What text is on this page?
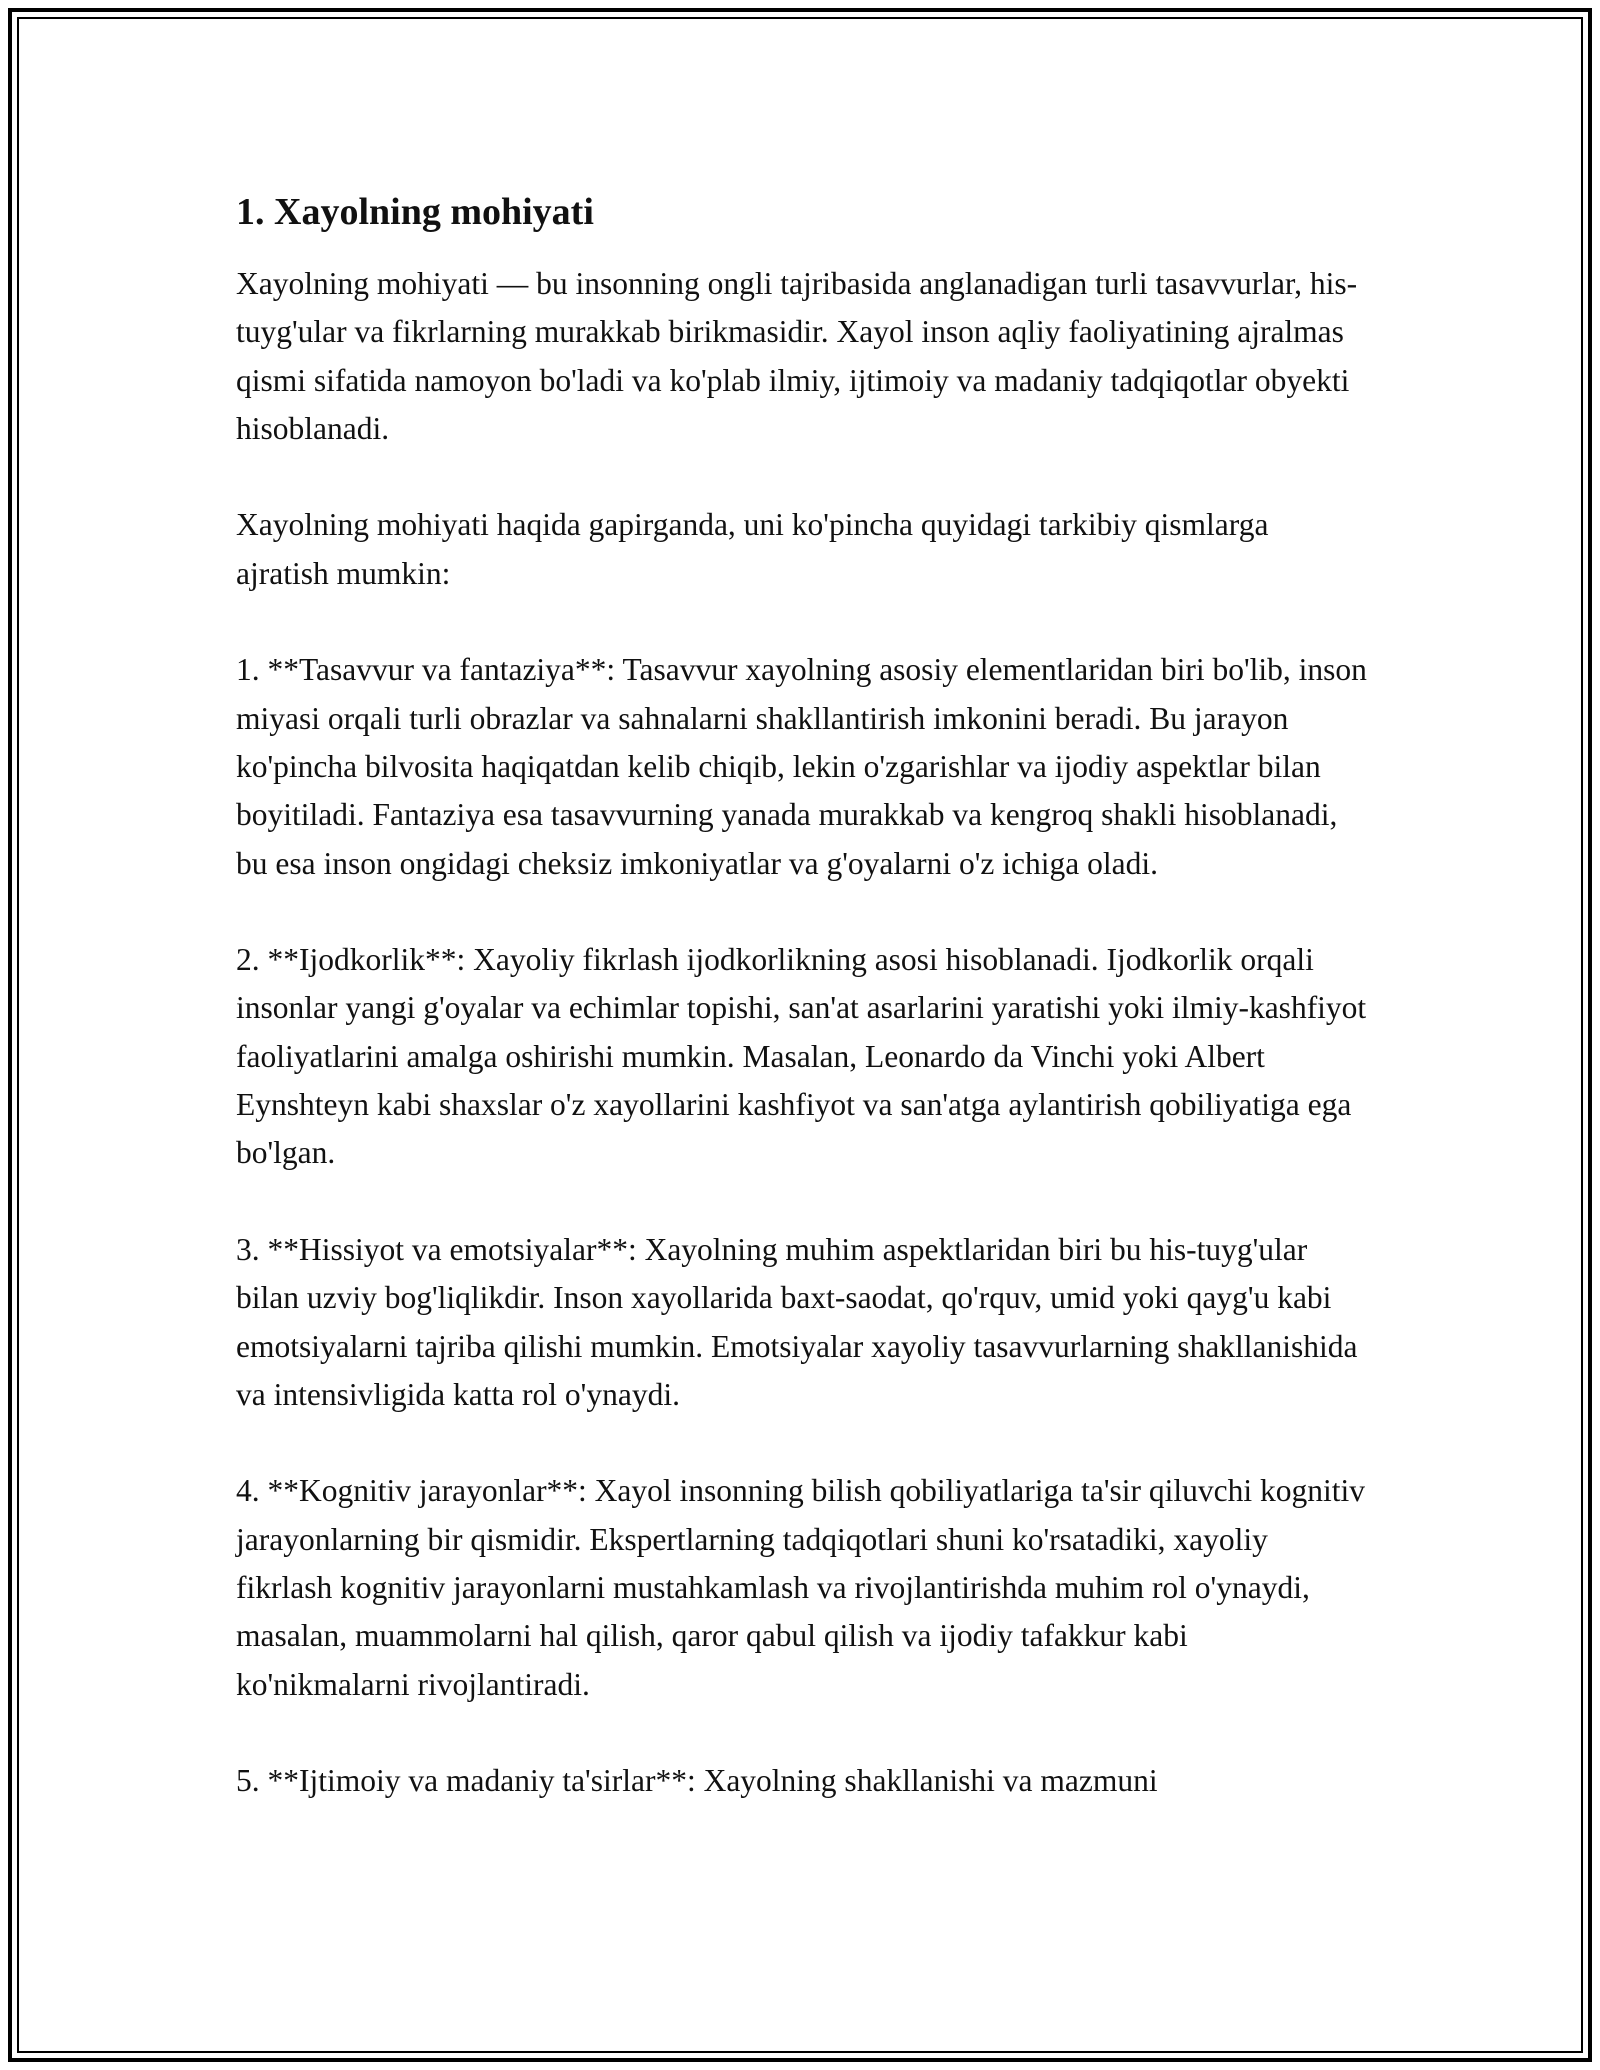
1. Xayolning mohiyati

Xayolning mohiyati — bu insonning ongli tajribasida anglanadigan turli tasavvurlar, his-tuyg'ular va fikrlarning murakkab birikmasidir. Xayol inson aqliy faoliyatining ajralmas qismi sifatida namoyon bo'ladi va ko'plab ilmiy, ijtimoiy va madaniy tadqiqotlar obyekti hisoblanadi.

Xayolning mohiyati haqida gapirganda, uni ko'pincha quyidagi tarkibiy qismlarga ajratish mumkin:

1. **Tasavvur va fantaziya**: Tasavvur xayolning asosiy elementlaridan biri bo'lib, inson miyasi orqali turli obrazlar va sahnalarni shakllantirish imkonini beradi. Bu jarayon ko'pincha bilvosita haqiqatdan kelib chiqib, lekin o'zgarishlar va ijodiy aspektlar bilan boyitiladi. Fantaziya esa tasavvurning yanada murakkab va kengroq shakli hisoblanadi, bu esa inson ongidagi cheksiz imkoniyatlar va g'oyalarni o'z ichiga oladi.

2. **Ijodkorlik**: Xayoliy fikrlash ijodkorlikning asosi hisoblanadi. Ijodkorlik orqali insonlar yangi g'oyalar va echimlar topishi, san'at asarlarini yaratishi yoki ilmiy-kashfiyot faoliyatlarini amalga oshirishi mumkin. Masalan, Leonardo da Vinchi yoki Albert Eynshteyn kabi shaxslar o'z xayollarini kashfiyot va san'atga aylantirish qobiliyatiga ega bo'lgan.

3. **Hissiyot va emotsiyalar**: Xayolning muhim aspektlaridan biri bu his-tuyg'ular bilan uzviy bog'liqlikdir. Inson xayollarida baxt-saodat, qo'rquv, umid yoki qayg'u kabi emotsiyalarni tajriba qilishi mumkin. Emotsiyalar xayoliy tasavvurlarning shakllanishida va intensivligida katta rol o'ynaydi.

4. **Kognitiv jarayonlar**: Xayol insonning bilish qobiliyatlariga ta'sir qiluvchi kognitiv jarayonlarning bir qismidir. Ekspertlarning tadqiqotlari shuni ko'rsatadiki, xayoliy fikrlash kognitiv jarayonlarni mustahkamlash va rivojlantirishda muhim rol o'ynaydi, masalan, muammolarni hal qilish, qaror qabul qilish va ijodiy tafakkur kabi ko'nikmalarni rivojlantiradi.

5. **Ijtimoiy va madaniy ta'sirlar**: Xayolning shakllanishi va mazmuni
